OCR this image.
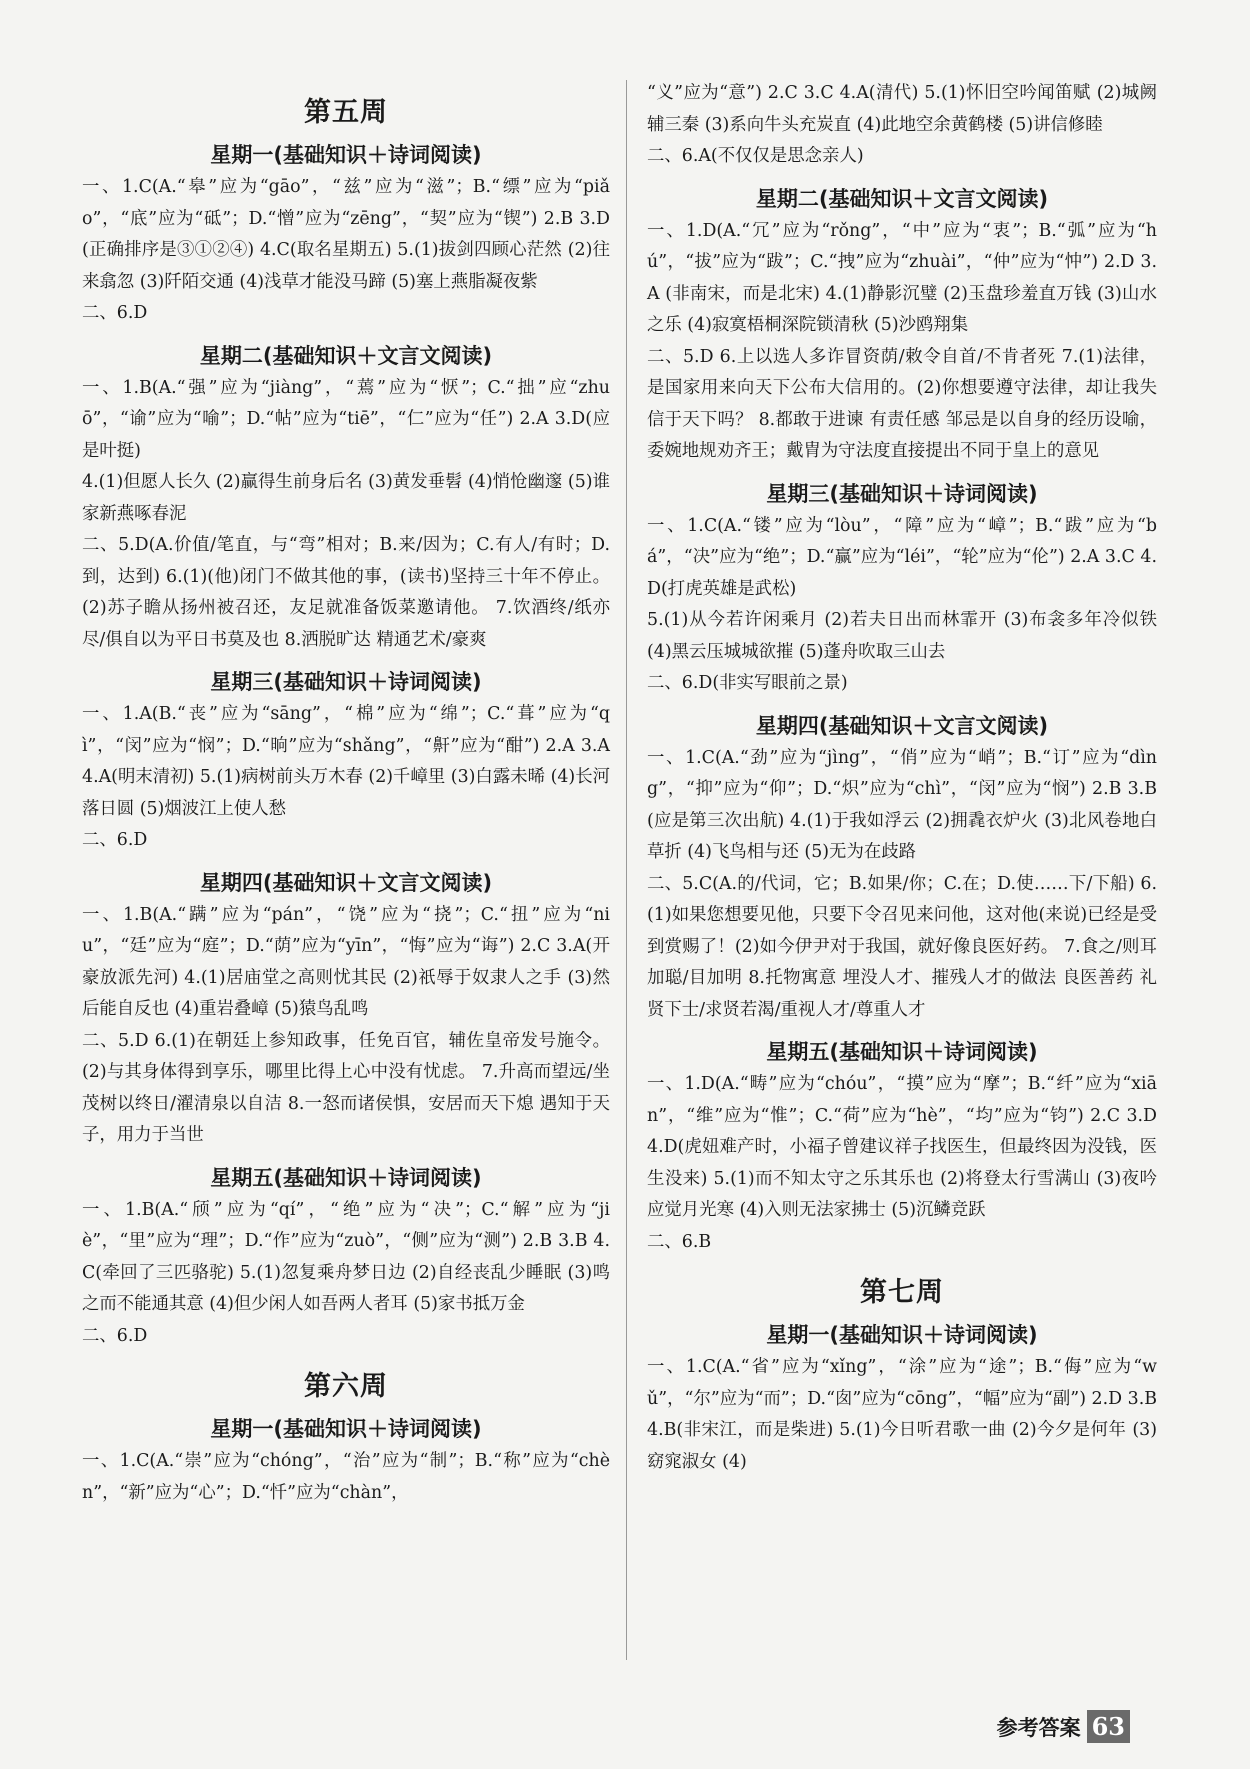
第五周
星期一(基础知识＋诗词阅读)

一、1.C(A.“皋”应为“gāo”，“兹”应为“滋”；B.“缥”应为“piǎo”，“底”应为“砥”；D.“憎”应为“zēng”，“契”应为“锲”) 2.B 3.D(正确排序是③①②④) 4.C(取名星期五) 5.(1)拔剑四顾心茫然 (2)往来翕忽 (3)阡陌交通 (4)浅草才能没马蹄 (5)塞上燕脂凝夜紫

二、6.D

星期二(基础知识＋文言文阅读)

一、1.B(A.“强”应为“jiàng”，“蔫”应为“恹”；C.“拙”应“zhuō”，“谕”应为“喻”；D.“帖”应为“tiē”，“仁”应为“任”) 2.A 3.D(应是叶挺)

4.(1)但愿人长久 (2)赢得生前身后名 (3)黄发垂髫 (4)悄怆幽邃 (5)谁家新燕啄春泥

二、5.D(A.价值/笔直，与“弯”相对；B.来/因为；C.有人/有时；D.到，达到) 6.(1)(他)闭门不做其他的事，(读书)坚持三十年不停止。(2)苏子瞻从扬州被召还，友足就准备饭菜邀请他。 7.饮酒终/纸亦尽/俱自以为平日书莫及也 8.洒脱旷达 精通艺术/豪爽

星期三(基础知识＋诗词阅读)

一、1.A(B.“丧”应为“sāng”，“棉”应为“绵”；C.“葺”应为“qì”，“闵”应为“悯”；D.“晌”应为“shǎng”，“鼾”应为“酣”) 2.A 3.A 4.A(明末清初) 5.(1)病树前头万木春 (2)千嶂里 (3)白露未晞 (4)长河落日圆 (5)烟波江上使人愁

二、6.D

星期四(基础知识＋文言文阅读)

一、1.B(A.“蹒”应为“pán”，“饶”应为“挠”；C.“扭”应为“niu”，“廷”应为“庭”；D.“荫”应为“yīn”，“悔”应为“诲”) 2.C 3.A(开豪放派先河) 4.(1)居庙堂之高则忧其民 (2)祇辱于奴隶人之手 (3)然后能自反也 (4)重岩叠嶂 (5)猿鸟乱鸣

二、5.D 6.(1)在朝廷上参知政事，任免百官，辅佐皇帝发号施令。 (2)与其身体得到享乐，哪里比得上心中没有忧虑。 7.升高而望远/坐茂树以终日/濯清泉以自洁 8.一怒而诸侯惧，安居而天下熄 遇知于天子，用力于当世

星期五(基础知识＋诗词阅读)

一、1.B(A.“颀”应为“qí”，“绝”应为“决”；C.“解”应为“jiè”，“里”应为“理”；D.“作”应为“zuò”，“侧”应为“测”) 2.B 3.B 4.C(牵回了三匹骆驼) 5.(1)忽复乘舟梦日边 (2)自经丧乱少睡眠 (3)鸣之而不能通其意 (4)但少闲人如吾两人者耳 (5)家书抵万金

二、6.D

第六周
星期一(基础知识＋诗词阅读)

一、1.C(A.“崇”应为“chóng”，“治”应为“制”；B.“称”应为“chèn”，“新”应为“心”；D.“忏”应为“chàn”，

“义”应为“意”) 2.C 3.C 4.A(清代) 5.(1)怀旧空吟闻笛赋 (2)城阙辅三秦 (3)系向牛头充炭直 (4)此地空余黄鹤楼 (5)讲信修睦

二、6.A(不仅仅是思念亲人)

星期二(基础知识＋文言文阅读)

一、1.D(A.“冗”应为“rǒng”，“中”应为“衷”；B.“弧”应为“hú”，“拔”应为“跋”；C.“拽”应为“zhuài”，“仲”应为“忡”) 2.D 3.A (非南宋，而是北宋) 4.(1)静影沉璧 (2)玉盘珍羞直万钱 (3)山水之乐 (4)寂寞梧桐深院锁清秋 (5)沙鸥翔集

二、5.D 6.上以选人多诈冒资荫/敕令自首/不肯者死 7.(1)法律，是国家用来向天下公布大信用的。(2)你想要遵守法律，却让我失信于天下吗？ 8.都敢于进谏 有责任感 邹忌是以自身的经历设喻，委婉地规劝齐王；戴胄为守法度直接提出不同于皇上的意见

星期三(基础知识＋诗词阅读)

一、1.C(A.“镂”应为“lòu”，“障”应为“嶂”；B.“跋”应为“bá”，“决”应为“绝”；D.“赢”应为“léi”，“轮”应为“伦”) 2.A 3.C 4.D(打虎英雄是武松)

5.(1)从今若许闲乘月 (2)若夫日出而林霏开 (3)布衾多年冷似铁 (4)黑云压城城欲摧 (5)蓬舟吹取三山去

二、6.D(非实写眼前之景)

星期四(基础知识＋文言文阅读)

一、1.C(A.“劲”应为“jìng”，“俏”应为“峭”；B.“订”应为“dìng”，“抑”应为“仰”；D.“炽”应为“chì”，“闵”应为“悯”) 2.B 3.B(应是第三次出航) 4.(1)于我如浮云 (2)拥毳衣炉火 (3)北风卷地白草折 (4)飞鸟相与还 (5)无为在歧路

二、5.C(A.的/代词，它；B.如果/你；C.在；D.使……下/下船) 6.(1)如果您想要见他，只要下令召见来问他，这对他(来说)已经是受到赏赐了！(2)如今伊尹对于我国，就好像良医好药。 7.食之/则耳加聪/目加明 8.托物寓意 埋没人才、摧残人才的做法 良医善药 礼贤下士/求贤若渴/重视人才/尊重人才

星期五(基础知识＋诗词阅读)

一、1.D(A.“畴”应为“chóu”，“摸”应为“摩”；B.“纤”应为“xiān”，“维”应为“惟”；C.“荷”应为“hè”，“均”应为“钧”) 2.C 3.D 4.D(虎妞难产时，小福子曾建议祥子找医生，但最终因为没钱，医生没来) 5.(1)而不知太守之乐其乐也 (2)将登太行雪满山 (3)夜吟应觉月光寒 (4)入则无法家拂士 (5)沉鳞竞跃

二、6.B

第七周
星期一(基础知识＋诗词阅读)

一、1.C(A.“省”应为“xǐng”，“涂”应为“途”；B.“侮”应为“wǔ”，“尔”应为“而”；D.“囱”应为“cōng”，“幅”应为“副”) 2.D 3.B 4.B(非宋江，而是柴进) 5.(1)今日听君歌一曲 (2)今夕是何年 (3)窈窕淑女 (4)

参考答案 63
